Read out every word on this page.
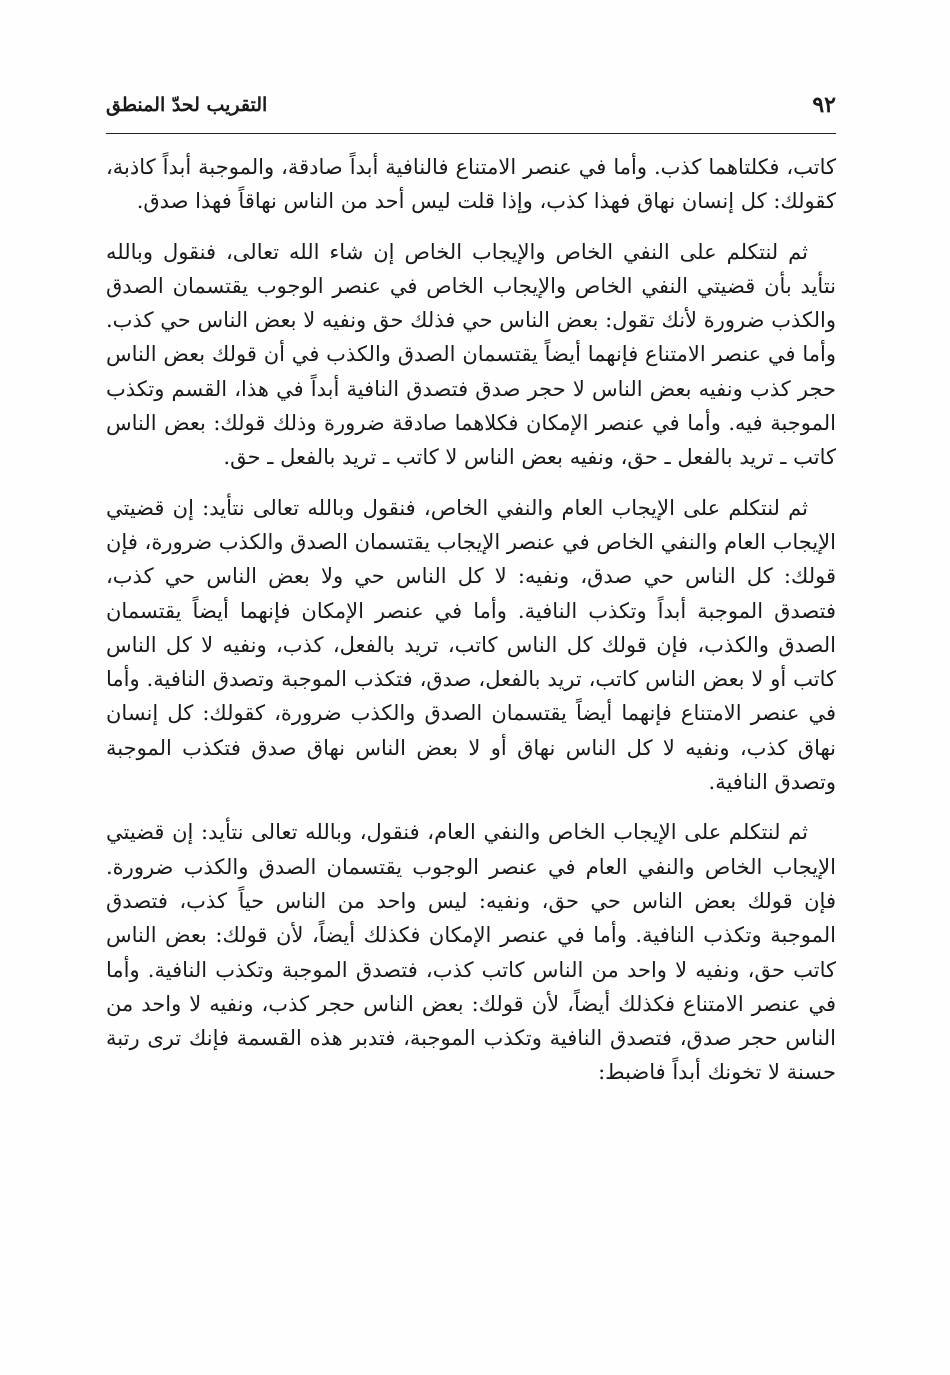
٩٢
التقريب لحدّ المنطق

كاتب، فكلتاهما كذب. وأما في عنصر الامتناع فالنافية أبداً صادقة، والموجبة أبداً كاذبة، كقولك: كل إنسان نهاق فهذا كذب، وإذا قلت ليس أحد من الناس نهاقاً فهذا صدق.

ثم لنتكلم على النفي الخاص والإيجاب الخاص إن شاء الله تعالى، فنقول وبالله نتأيد بأن قضيتي النفي الخاص والإيجاب الخاص في عنصر الوجوب يقتسمان الصدق والكذب ضرورة لأنك تقول: بعض الناس حي فذلك حق ونفيه لا بعض الناس حي كذب. وأما في عنصر الامتناع فإنهما أيضاً يقتسمان الصدق والكذب في أن قولك بعض الناس حجر كذب ونفيه بعض الناس لا حجر صدق فتصدق النافية أبداً في هذا، القسم وتكذب الموجبة فيه. وأما في عنصر الإمكان فكلاهما صادقة ضرورة وذلك قولك: بعض الناس كاتب ـ تريد بالفعل ـ حق، ونفيه بعض الناس لا كاتب ـ تريد بالفعل ـ حق.

ثم لنتكلم على الإيجاب العام والنفي الخاص، فنقول وبالله تعالى نتأيد: إن قضيتي الإيجاب العام والنفي الخاص في عنصر الإيجاب يقتسمان الصدق والكذب ضرورة، فإن قولك: كل الناس حي صدق، ونفيه: لا كل الناس حي ولا بعض الناس حي كذب، فتصدق الموجبة أبداً وتكذب النافية. وأما في عنصر الإمكان فإنهما أيضاً يقتسمان الصدق والكذب، فإن قولك كل الناس كاتب، تريد بالفعل، كذب، ونفيه لا كل الناس كاتب أو لا بعض الناس كاتب، تريد بالفعل، صدق، فتكذب الموجبة وتصدق النافية. وأما في عنصر الامتناع فإنهما أيضاً يقتسمان الصدق والكذب ضرورة، كقولك: كل إنسان نهاق كذب، ونفيه لا كل الناس نهاق أو لا بعض الناس نهاق صدق فتكذب الموجبة وتصدق النافية.

ثم لنتكلم على الإيجاب الخاص والنفي العام، فنقول، وبالله تعالى نتأيد: إن قضيتي الإيجاب الخاص والنفي العام في عنصر الوجوب يقتسمان الصدق والكذب ضرورة. فإن قولك بعض الناس حي حق، ونفيه: ليس واحد من الناس حياً كذب، فتصدق الموجبة وتكذب النافية. وأما في عنصر الإمكان فكذلك أيضاً، لأن قولك: بعض الناس كاتب حق، ونفيه لا واحد من الناس كاتب كذب، فتصدق الموجبة وتكذب النافية. وأما في عنصر الامتناع فكذلك أيضاً، لأن قولك: بعض الناس حجر كذب، ونفيه لا واحد من الناس حجر صدق، فتصدق النافية وتكذب الموجبة، فتدبر هذه القسمة فإنك ترى رتبة حسنة لا تخونك أبداً فاضبط:
